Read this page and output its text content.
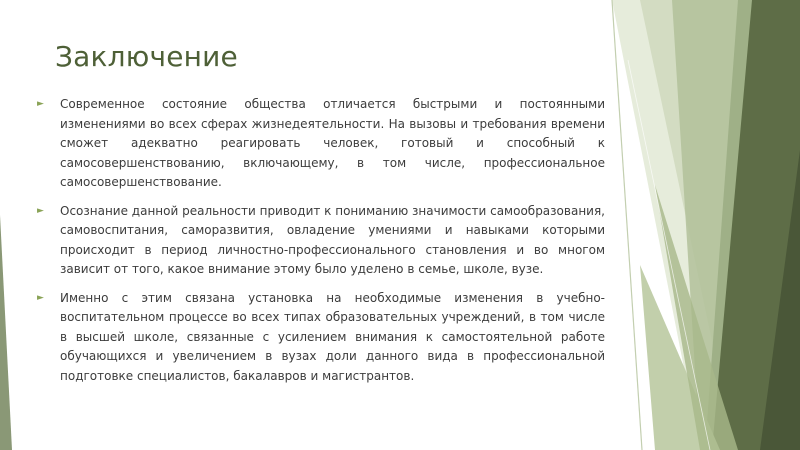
Заключение
►	Современное состояние общества отличается быстрыми и постоянными изменениями во всех сферах жизнедеятельности. На вызовы и требования времени сможет адекватно реагировать человек, готовый и способный к самосовершенствованию, включающему, в том числе, профессиональное самосовершенствование.
►	Осознание данной реальности приводит к пониманию значимости самообразования, самовоспитания, саморазвития, овладение умениями и навыками которыми происходит в период личностно-профессионального становления и во многом зависит от того, какое внимание этому было уделено в семье, школе, вузе.
►	Именно с этим связана установка на необходимые изменения в учебно-воспитательном процессе во всех типах образовательных учреждений, в том числе в высшей школе, связанные с усилением внимания к самостоятельной работе обучающихся и увеличением в вузах доли данного вида в профессиональной подготовке специалистов, бакалавров и магистрантов.
